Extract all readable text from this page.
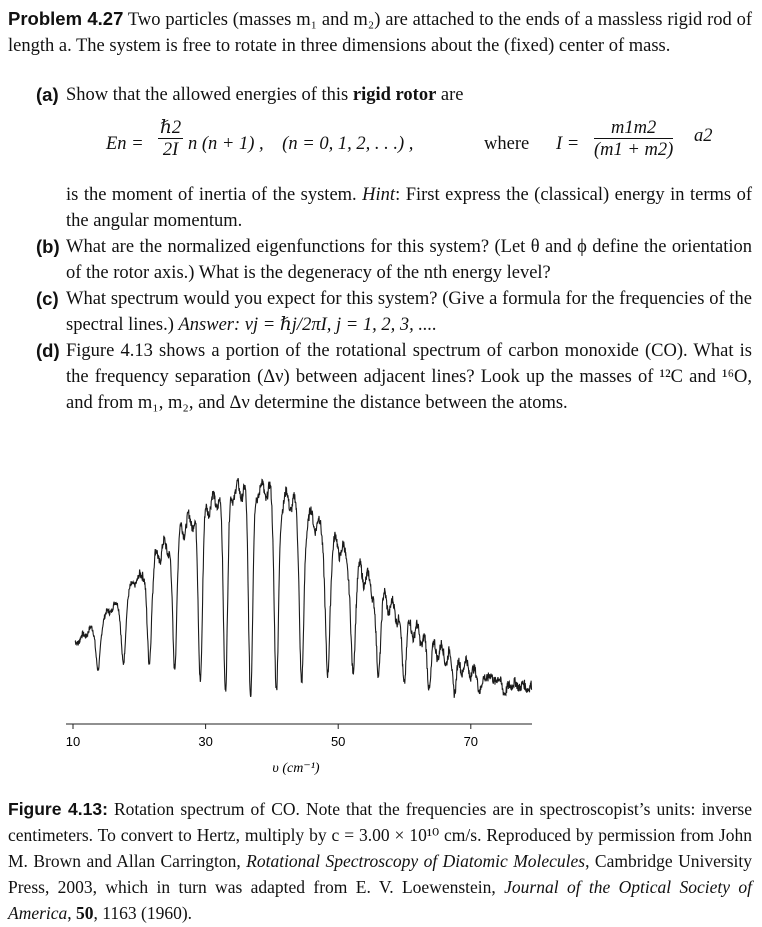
Problem 4.27 Two particles (masses m₁ and m₂) are attached to the ends of a massless rigid rod of length a. The system is free to rotate in three dimensions about the (fixed) center of mass.
(a) Show that the allowed energies of this rigid rotor are
En =
ℏ2
2I n (n + 1) ,    (n = 0, 1, 2, . . .) ,	where $I = \frac{m1m2}{(m1 + m2)} a2$
is the moment of inertia of the system. Hint: First express the (classical) energy in terms of the angular momentum.
(b) What are the normalized eigenfunctions for this system? (Let θ and ϕ define the orientation of the rotor axis.) What is the degeneracy of the nth energy level?
(c) What spectrum would you expect for this system? (Give a formula for the frequencies of the spectral lines.) Answer: νj = ℏj/2πI, j = 1, 2, 3, ....
(d) Figure 4.13 shows a portion of the rotational spectrum of carbon monoxide (CO). What is the frequency separation (Δν) between adjacent lines? Look up the masses of ¹²C and ¹⁶O, and from m₁, m₂, and Δν determine the distance between the atoms.
10	30	50	70
υ (cm⁻¹)
Figure 4.13: Rotation spectrum of CO. Note that the frequencies are in spectroscopist’s units: inverse centimeters. To convert to Hertz, multiply by c = 3.00 × 10¹⁰ cm/s. Reproduced by permission from John M. Brown and Allan Carrington, Rotational Spectroscopy of Diatomic Molecules, Cambridge University Press, 2003, which in turn was adapted from E. V. Loewenstein, Journal of the Optical Society of America, 50, 1163 (1960).
